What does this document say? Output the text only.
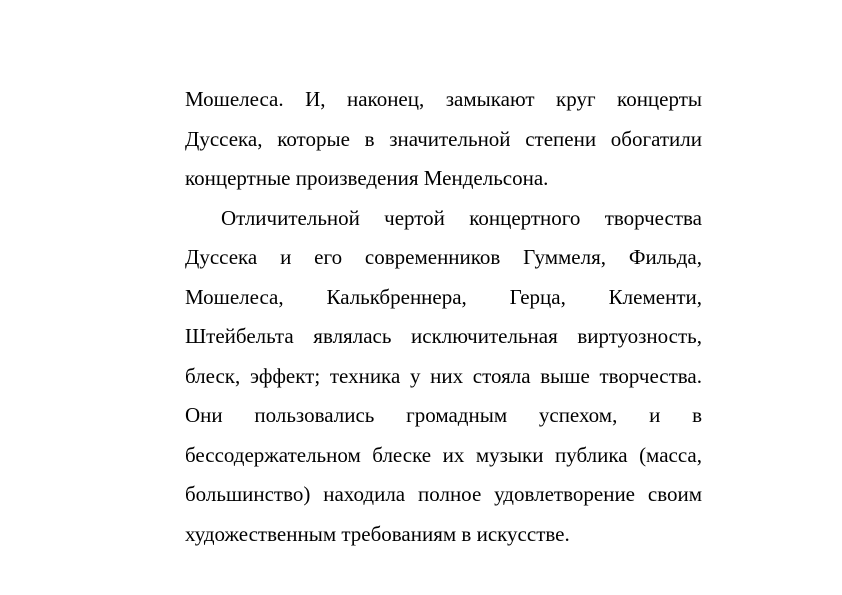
Мошелеса. И, наконец, замыкают круг концерты
Дуссека, которые в значительной степени обогатили
концертные произведения Мендельсона.
Отличительной чертой концертного творчества
Дуссека и его современников Гуммеля, Фильда,
Мошелеса, Калькбреннера, Герца, Клементи,
Штейбельта являлась исключительная виртуозность,
блеск, эффект; техника у них стояла выше творчества.
Они пользовались громадным успехом, и в
бессодержательном блеске их музыки публика (масса,
большинство) находила полное удовлетворение своим
художественным требованиям в искусстве.
